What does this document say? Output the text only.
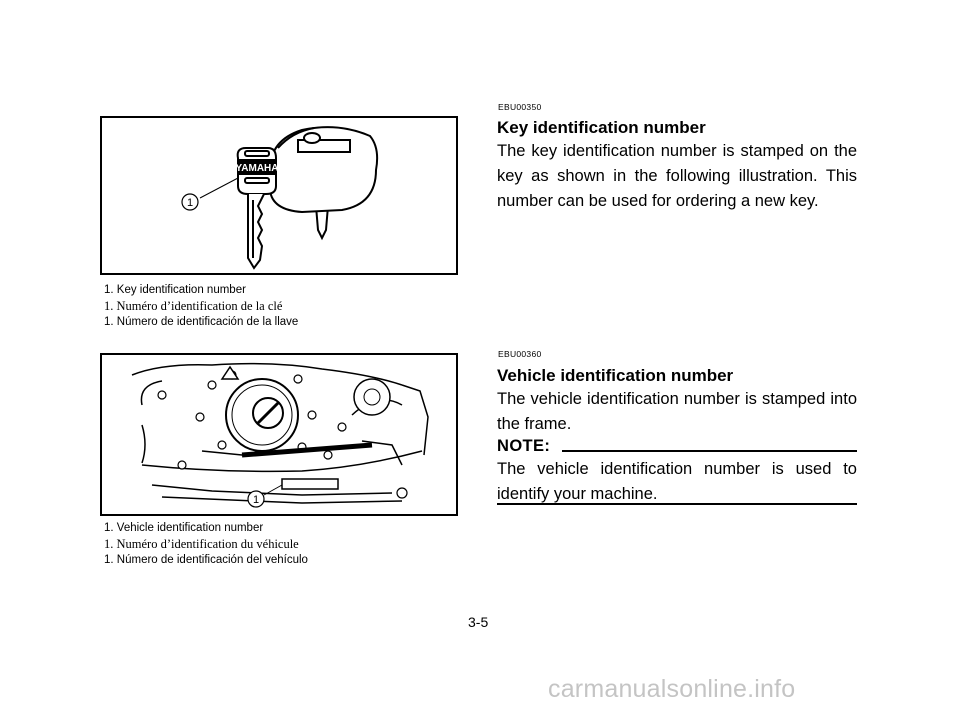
YAMAHA
1
1. Key identification number
1. Numéro d’identification de la clé
1. Número de identificación de la llave
1
1. Vehicle identification number
1. Numéro d’identification du véhicule
1. Número de identificación del vehículo
EBU00350
Key identification number

The key identification number is stamped on the key as shown in the following illustration. This number can be used for ordering a new key.

EBU00360
Vehicle identification number

The vehicle identification number is stamped into the frame.

NOTE:

The vehicle identification number is used to identify your machine.

3-5
carmanualsonline.info
